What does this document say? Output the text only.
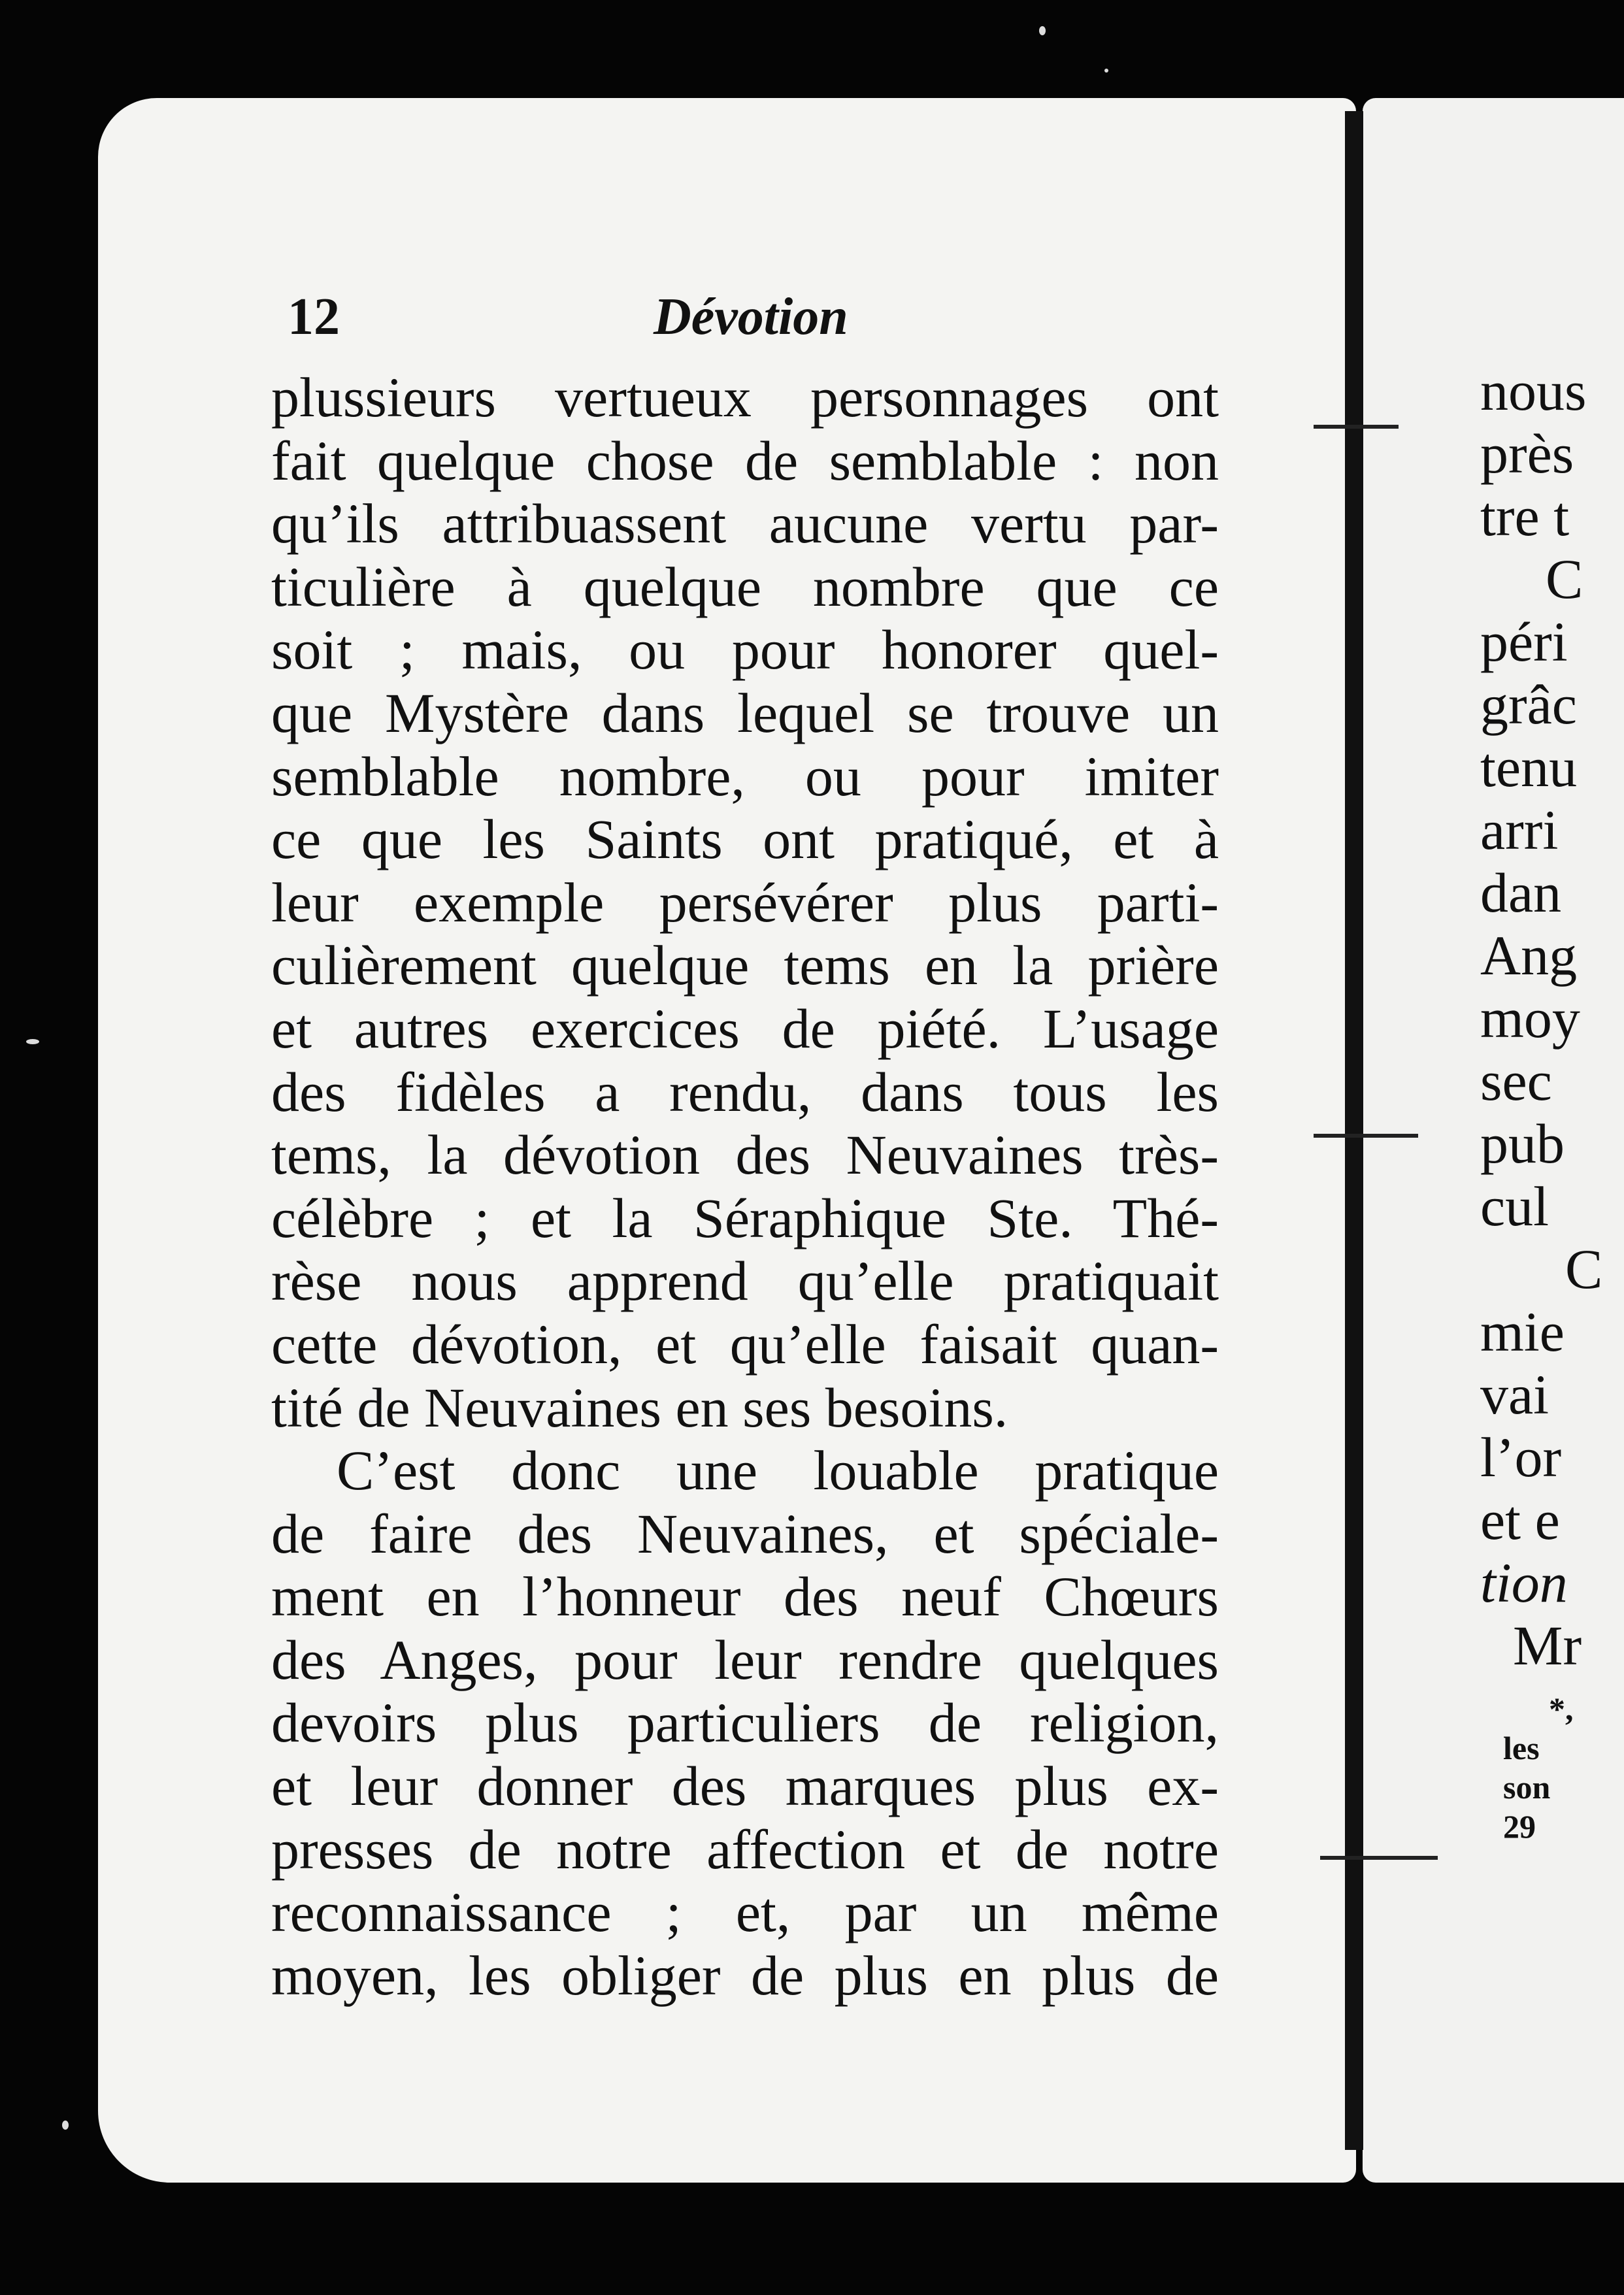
12	Dévotion
plussieurs vertueux personnages ont
fait quelque chose de semblable : non
qu’ils attribuassent aucune vertu par-
ticulière à quelque nombre que ce
soit ; mais, ou pour honorer quel-
que Mystère dans lequel se trouve un
semblable nombre, ou pour imiter
ce que les Saints ont pratiqué, et à
leur exemple persévérer plus parti-
culièrement quelque tems en la prière
et autres exercices de piété. L’usage
des fidèles a rendu, dans tous les
tems, la dévotion des Neuvaines très-
célèbre ; et la Séraphique Ste. Thé-
rèse nous apprend qu’elle pratiquait
cette dévotion, et qu’elle faisait quan-
tité de Neuvaines en ses besoins.
C’est donc une louable pratique
de faire des Neuvaines, et spéciale-
ment en l’honneur des neuf Chœurs
des Anges, pour leur rendre quelques
devoirs plus particuliers de religion,
et leur donner des marques plus ex-
presses de notre affection et de notre
reconnaissance ; et, par un même
moyen, les obliger de plus en plus de
nous
près
tre t
C
péri
grâc
tenu
arri
dan
Ang
moy
sec
pub
cul
C
mie
vai
l’or
et e
tion
Mr
*,
les
son
29
